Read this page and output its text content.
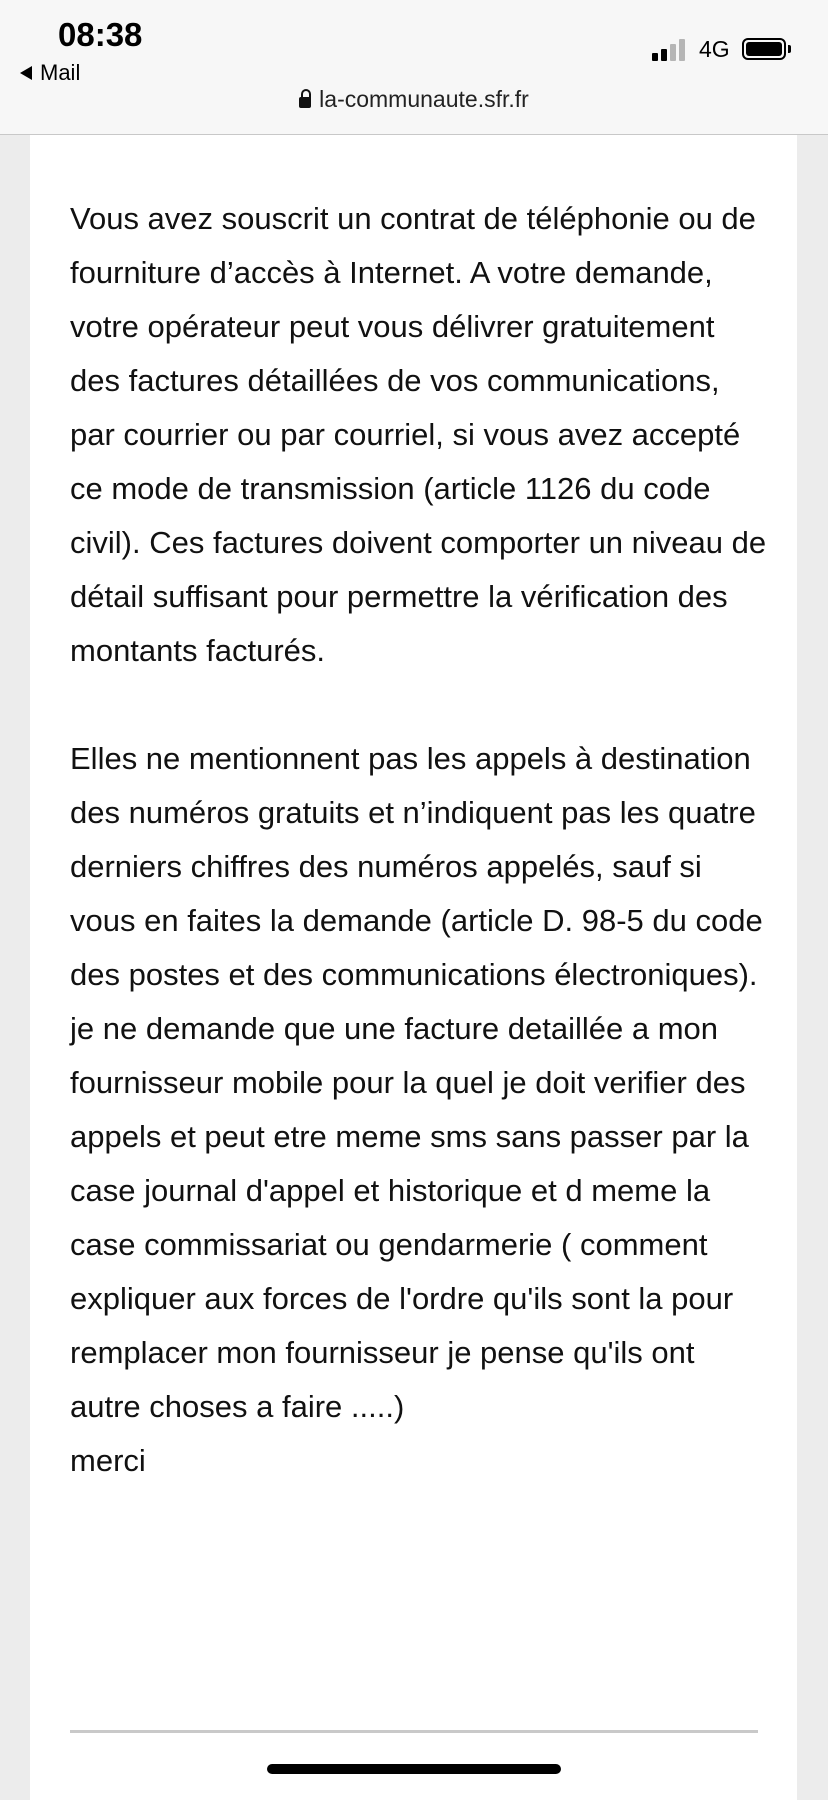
Vous avez souscrit un contrat de téléphonie ou de fourniture d’accès à Internet. A votre demande, votre opérateur peut vous délivrer gratuitement des factures détaillées de vos communications, par courrier ou par courriel, si vous avez accepté ce mode de transmission (article 1126 du code civil). Ces factures doivent comporter un niveau de détail suffisant pour permettre la vérification des montants facturés.

Elles ne mentionnent pas les appels à destination des numéros gratuits et n’indiquent pas les quatre derniers chiffres des numéros appelés, sauf si vous en faites la demande (article D. 98-5 du code des postes et des communications électroniques). je ne demande que une facture detaillée a mon fournisseur mobile pour la quel je doit verifier des appels et peut etre meme sms sans passer par la case journal d'appel et historique et d meme la case commissariat ou gendarmerie ( comment expliquer aux forces de l'ordre qu'ils sont la pour remplacer mon fournisseur je pense qu'ils ont autre choses a faire .....)
merci
08:38
Mail
4G
la-communaute.sfr.fr
